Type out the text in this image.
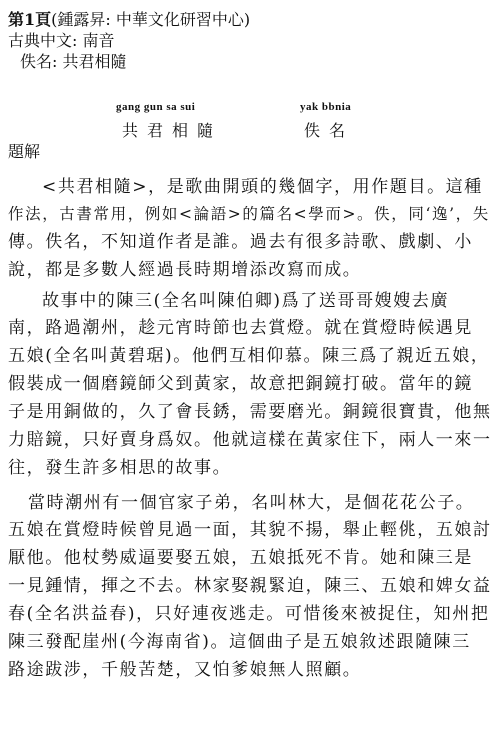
第1頁(鍾露昇: 中華文化研習中心)
古典中文: 南音
佚名: 共君相隨
gang gun sa sui	yak bbnia
共君相隨	佚名
題解
<共君相隨>，是歌曲開頭的幾個字，用作題目。這種
作法，古書常用，例如<論語>的篇名<學而>。佚，同‘逸’，失
傳。佚名，不知道作者是誰。過去有很多詩歌、戲劇、小
說，都是多數人經過長時期增添改寫而成。
故事中的陳三(全名叫陳伯卿)爲了送哥哥嫂嫂去廣
南，路過潮州，趁元宵時節也去賞燈。就在賞燈時候遇見
五娘(全名叫黃碧琚)。他們互相仰慕。陳三爲了親近五娘，
假裝成一個磨鏡師父到黃家，故意把銅鏡打破。當年的鏡
子是用銅做的，久了會長銹，需要磨光。銅鏡很寶貴，他無
力賠鏡，只好賣身爲奴。他就這樣在黃家住下，兩人一來一
往，發生許多相思的故事。
當時潮州有一個官家子弟，名叫林大，是個花花公子。
五娘在賞燈時候曾見過一面，其貌不揚，舉止輕佻，五娘討
厭他。他杖勢威逼要娶五娘，五娘抵死不肯。她和陳三是
一見鍾情，揮之不去。林家娶親緊迫，陳三、五娘和婢女益
春(全名洪益春)，只好連夜逃走。可惜後來被捉住，知州把
陳三發配崖州(今海南省)。這個曲子是五娘敘述跟隨陳三
路途跋涉，千般苦楚，又怕爹娘無人照顧。
